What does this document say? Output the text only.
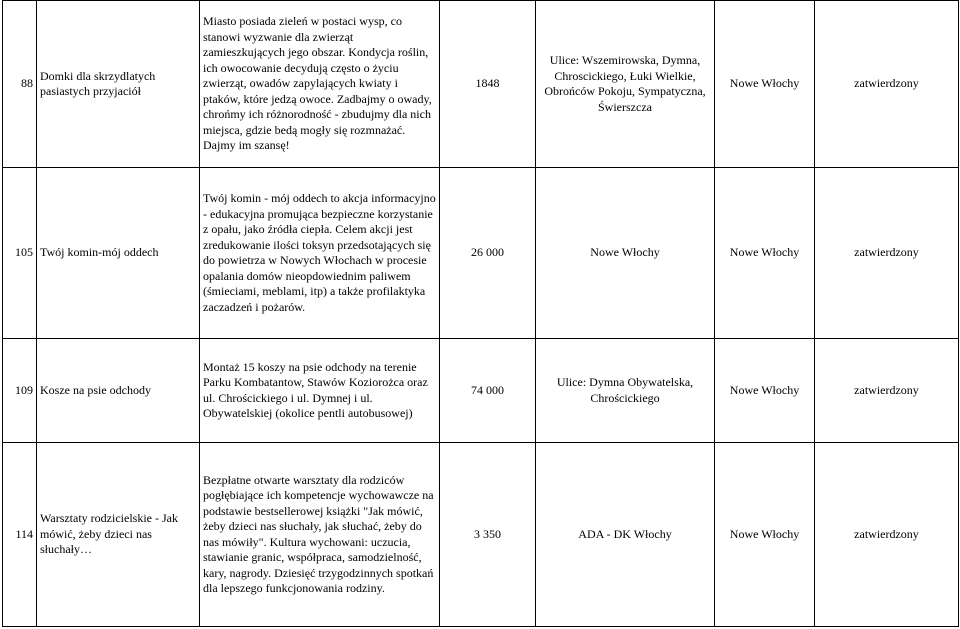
88	Domki dla skrzydlatych pasiastych przyjaciół	Miasto posiada zieleń w postaci wysp, co stanowi wyzwanie dla zwierząt zamieszkujących jego obszar. Kondycja roślin, ich owocowanie decydują często o życiu zwierząt, owadów zapylających kwiaty i ptaków, które jedzą owoce. Zadbajmy o owady, chrońmy ich różnorodność - zbudujmy dla nich miejsca, gdzie bedą mogły się rozmnażać. Dajmy im szansę!	1848	Ulice: Wszemirowska, Dymna, Chroscickiego, Łuki Wielkie, Obrońców Pokoju, Sympatyczna, Świerszcza	Nowe Włochy	zatwierdzony
105	Twój komin-mój oddech	Twój komin - mój oddech to akcja informacyjno - edukacyjna promująca bezpieczne korzystanie z opału, jako źródła ciepła. Celem akcji jest zredukowanie ilości toksyn przedsotających się do powietrza w Nowych Włochach w procesie opalania domów nieopdowiednim paliwem (śmieciami, meblami, itp) a także profilaktyka zaczadzeń i pożarów.	26 000	Nowe Włochy	Nowe Włochy	zatwierdzony
109	Kosze na psie odchody	Montaż 15 koszy na psie odchody na terenie Parku Kombatantow, Stawów Koziorożca oraz ul. Chrościckiego i ul. Dymnej i ul. Obywatelskiej (okolice pentli autobusowej)	74 000	Ulice: Dymna Obywatelska, Chrościckiego	Nowe Włochy	zatwierdzony
114	Warsztaty rodzicielskie - Jak mówić, żeby dzieci nas słuchały…	Bezpłatne otwarte warsztaty dla rodziców pogłębiające ich kompetencje wychowawcze na podstawie bestsellerowej książki "Jak mówić, żeby dzieci nas słuchały, jak słuchać, żeby do nas mówiły". Kultura wychowani: uczucia, stawianie granic, współpraca, samodzielność, kary, nagrody. Dziesięć trzygodzinnych spotkań dla lepszego funkcjonowania rodziny.	3 350	ADA - DK Włochy	Nowe Włochy	zatwierdzony
